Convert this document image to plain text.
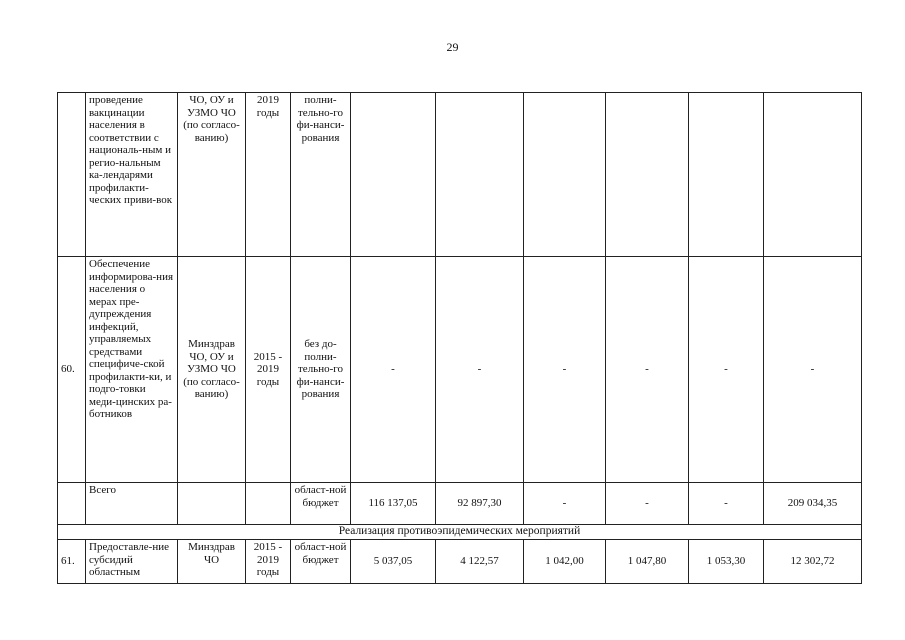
29
	проведение вакцинации населения в соответствии с националь-ным и регио-нальным ка-лендарями профилакти-ческих приви-вок	ЧО, ОУ и УЗМО ЧО (по согласо-ванию)	2019 годы	полни-тельно-го фи-нанси-рования						
60.	Обеспечение информирова-ния населения о мерах пре-дупреждения инфекций, управляемых средствами специфиче-ской профилакти-ки, и подго-товки меди-цинских ра-ботников	Минздрав ЧО, ОУ и УЗМО ЧО (по согласо-ванию)	2015 - 2019 годы	без до-полни-тельно-го фи-нанси-рования	-	-	-	-	-	-
	Всего			област-ной бюджет	116 137,05	92 897,30	-	-	-	209 034,35
Реализация противоэпидемических мероприятий										
61.	Предоставле-ние субсидий областным	Минздрав ЧО	2015 - 2019 годы	област-ной бюджет	5 037,05	4 122,57	1 042,00	1 047,80	1 053,30	12 302,72
